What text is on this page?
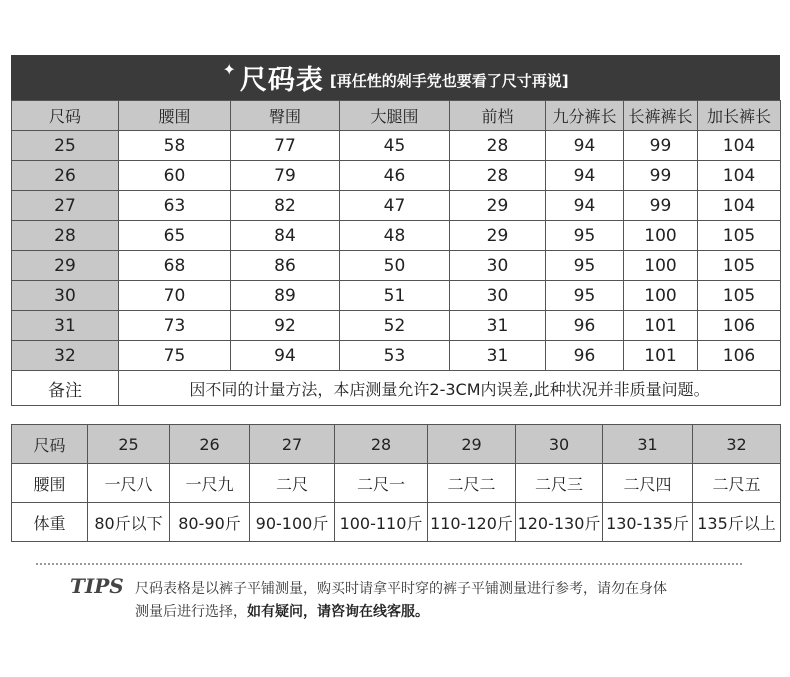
✦ 尺码表 [再任性的剁手党也要看了尺寸再说]
尺码	腰围	臀围	大腿围	前档	九分裤长	长裤裤长	加长裤长
25	58	77	45	28	94	99	104
26	60	79	46	28	94	99	104
27	63	82	47	29	94	99	104
28	65	84	48	29	95	100	105
29	68	86	50	30	95	100	105
30	70	89	51	30	95	100	105
31	73	92	52	31	96	101	106
32	75	94	53	31	96	101	106
备注	因不同的计量方法，本店测量允许2-3CM内误差,此种状况并非质量问题。						
尺码	25	26	27	28	29	30	31	32
腰围	一尺八	一尺九	二尺	二尺一	二尺二	二尺三	二尺四	二尺五
体重	80斤以下	80-90斤	90-100斤	100-110斤	110-120斤	120-130斤	130-135斤	135斤以上
TIPS 尺码表格是以裤子平铺测量，购买时请拿平时穿的裤子平铺测量进行参考，请勿在身体
测量后进行选择，如有疑问，请咨询在线客服。
